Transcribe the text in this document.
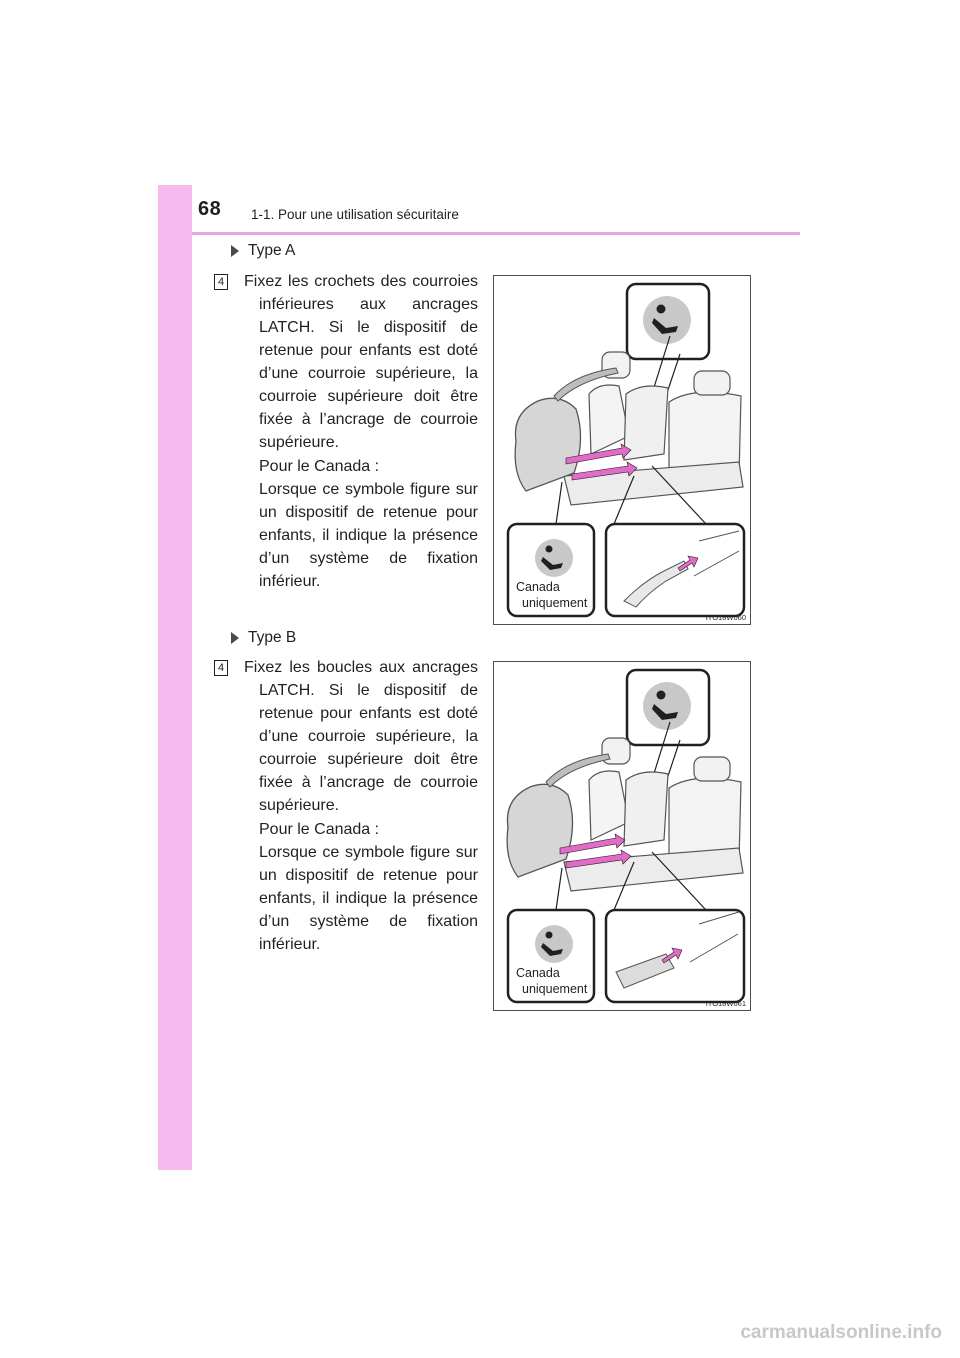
68 1-1. Pour une utilisation sécuritaire
Type A
4 Fixez les crochets des courroies inférieures aux ancrages LATCH. Si le dispositif de retenue pour enfants est doté d’une courroie supérieure, la courroie supérieure doit être fixée à l’ancrage de courroie supérieure.

Pour le Canada :

Lorsque ce symbole figure sur un dispositif de retenue pour enfants, il indique la présence d’un système de fixation inférieur.	Canada
uniquement
ITO18W060
Type B
4 Fixez les boucles aux ancrages LATCH. Si le dispositif de retenue pour enfants est doté d’une courroie supérieure, la courroie supérieure doit être fixée à l’ancrage de courroie supérieure.

Pour le Canada :

Lorsque ce symbole figure sur un dispositif de retenue pour enfants, il indique la présence d’un système de fixation inférieur.

Canada
uniquement
ITO18W061
carmanualsonline.info
